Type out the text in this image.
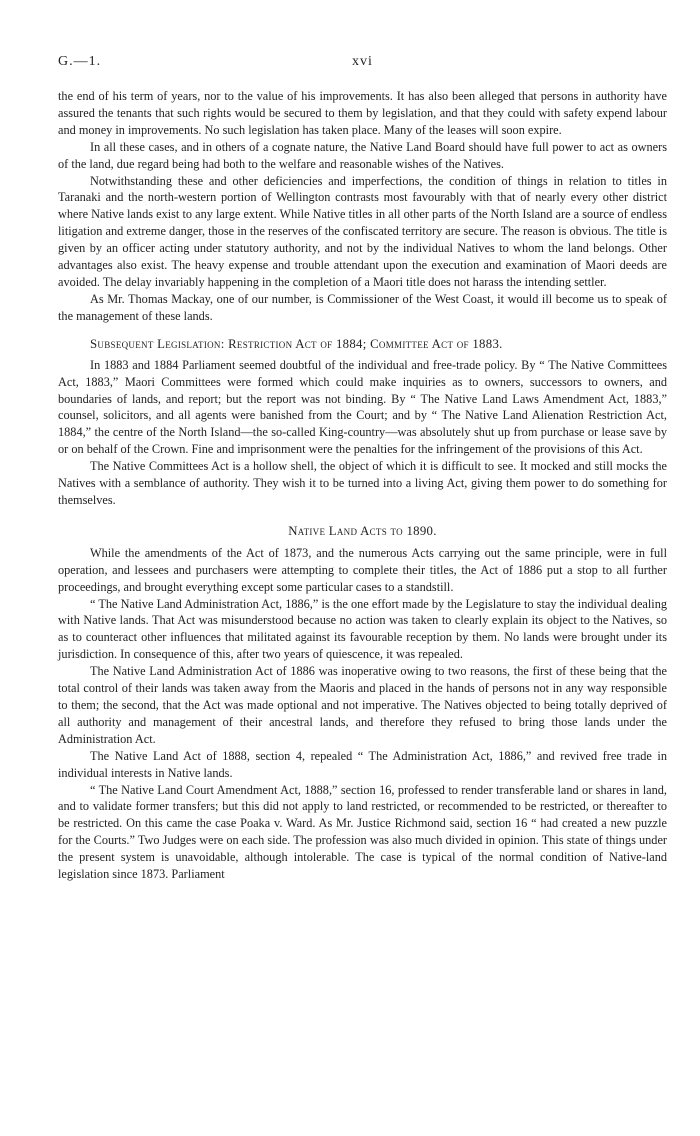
G.—1.	xvi

the end of his term of years, nor to the value of his improvements. It has also been alleged that persons in authority have assured the tenants that such rights would be secured to them by legislation, and that they could with safety expend labour and money in improvements. No such legislation has taken place. Many of the leases will soon expire.

In all these cases, and in others of a cognate nature, the Native Land Board should have full power to act as owners of the land, due regard being had both to the welfare and reasonable wishes of the Natives.

Notwithstanding these and other deficiencies and imperfections, the condition of things in relation to titles in Taranaki and the north-western portion of Wellington contrasts most favourably with that of nearly every other district where Native lands exist to any large extent. While Native titles in all other parts of the North Island are a source of endless litigation and extreme danger, those in the reserves of the confiscated territory are secure. The reason is obvious. The title is given by an officer acting under statutory authority, and not by the individual Natives to whom the land belongs. Other advantages also exist. The heavy expense and trouble attendant upon the execution and examination of Maori deeds are avoided. The delay invariably happening in the completion of a Maori title does not harass the intending settler.

As Mr. Thomas Mackay, one of our number, is Commissioner of the West Coast, it would ill become us to speak of the management of these lands.

Subsequent Legislation: Restriction Act of 1884; Committee Act of 1883.

In 1883 and 1884 Parliament seemed doubtful of the individual and free-trade policy. By “ The Native Committees Act, 1883,” Maori Committees were formed which could make inquiries as to owners, successors to owners, and boundaries of lands, and report; but the report was not binding. By “ The Native Land Laws Amendment Act, 1883,” counsel, solicitors, and all agents were banished from the Court; and by “ The Native Land Alienation Restriction Act, 1884,” the centre of the North Island—the so-called King-country—was absolutely shut up from purchase or lease save by or on behalf of the Crown. Fine and imprisonment were the penalties for the infringement of the provisions of this Act.

The Native Committees Act is a hollow shell, the object of which it is difficult to see. It mocked and still mocks the Natives with a semblance of authority. They wish it to be turned into a living Act, giving them power to do something for themselves.

Native Land Acts to 1890.

While the amendments of the Act of 1873, and the numerous Acts carrying out the same principle, were in full operation, and lessees and purchasers were attempting to complete their titles, the Act of 1886 put a stop to all further proceedings, and brought everything except some particular cases to a standstill.

“ The Native Land Administration Act, 1886,” is the one effort made by the Legislature to stay the individual dealing with Native lands. That Act was misunderstood because no action was taken to clearly explain its object to the Natives, so as to counteract other influences that militated against its favourable reception by them. No lands were brought under its jurisdiction. In consequence of this, after two years of quiescence, it was repealed.

The Native Land Administration Act of 1886 was inoperative owing to two reasons, the first of these being that the total control of their lands was taken away from the Maoris and placed in the hands of persons not in any way responsible to them; the second, that the Act was made optional and not imperative. The Natives objected to being totally deprived of all authority and management of their ancestral lands, and therefore they refused to bring those lands under the Administration Act.

The Native Land Act of 1888, section 4, repealed “ The Administration Act, 1886,” and revived free trade in individual interests in Native lands.

“ The Native Land Court Amendment Act, 1888,” section 16, professed to render transferable land or shares in land, and to validate former transfers; but this did not apply to land restricted, or recommended to be restricted, or thereafter to be restricted. On this came the case Poaka v. Ward. As Mr. Justice Richmond said, section 16 “ had created a new puzzle for the Courts.” Two Judges were on each side. The profession was also much divided in opinion. This state of things under the present system is unavoidable, although intolerable. The case is typical of the normal condition of Native-land legislation since 1873. Parliament
